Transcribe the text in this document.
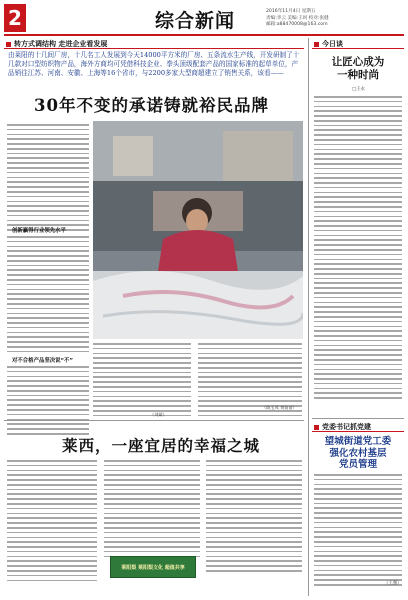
2	综合新闻	2016年11月4日 星期五
责编:李云 美编:王珂 校对:张健
邮箱:a88470008@163.com
转方式调结构 走进企业看发展
由莱阳的十几间厂房，十几名工人发展到今天14000平方米的厂房、五条流水生产线，开发研制了十几款对口型纺织物产品，海外方商均可凭借科技企业、拳头顶级配套产品的国家标准的起草单位，产品销往江苏、河南、安徽、上海等16个省市，与2200多家大型商超建立了销售关系，该看——
30年不变的承诺铸就裕民品牌
创新赢得行业领先水平
对不合格产品坚决说“不”
（陈玉凤 刘苗苗）
（刘斌）
莱西，一座宜居的幸福之城
莱阳梨 莱阳梨文化 超值共享
今日谈
让匠心成为
一种时尚
□王永
党委书记抓党建
望城街道党工委
强化农村基层
党员管理
（王强）
